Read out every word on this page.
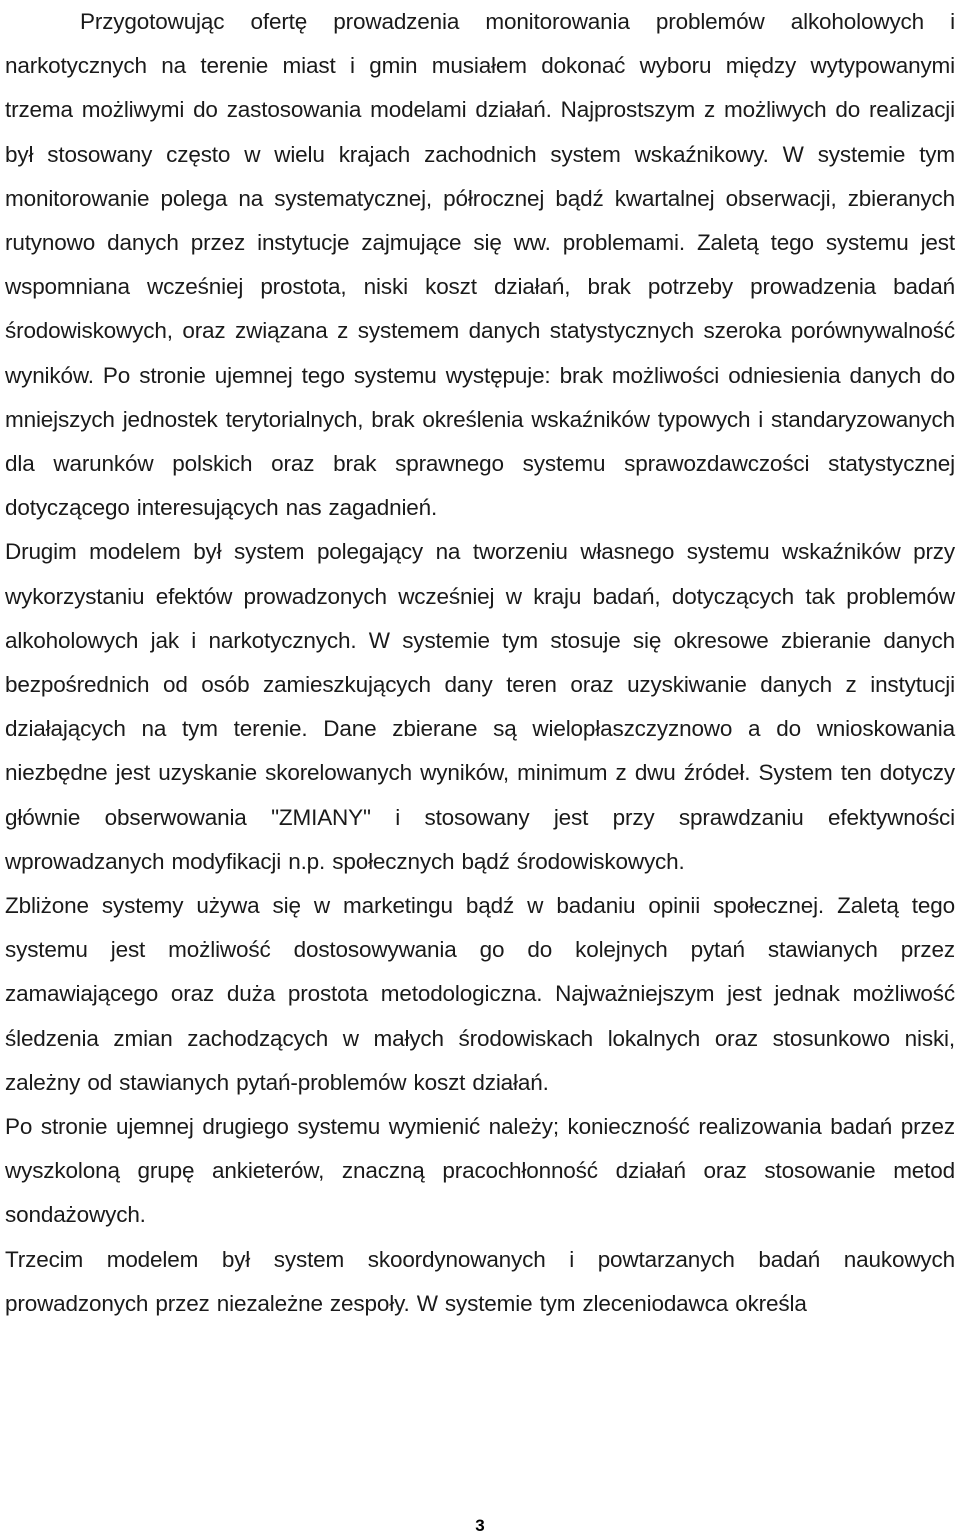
Przygotowując ofertę prowadzenia monitorowania problemów alkoholowych i narkotycznych na terenie miast i gmin musiałem dokonać wyboru między wytypowanymi trzema możliwymi do zastosowania modelami działań. Najprostszym z możliwych do realizacji był stosowany często w wielu krajach zachodnich system wskaźnikowy. W systemie tym monitorowanie polega na systematycznej, półrocznej bądź kwartalnej obserwacji, zbieranych rutynowo danych przez instytucje zajmujące się ww. problemami. Zaletą tego systemu jest wspomniana wcześniej prostota, niski koszt działań, brak potrzeby prowadzenia badań środowiskowych, oraz związana z systemem danych statystycznych szeroka porównywalność wyników. Po stronie ujemnej tego systemu występuje: brak możliwości odniesienia danych do mniejszych jednostek terytorialnych, brak określenia wskaźników typowych i standaryzowanych dla warunków polskich oraz brak sprawnego systemu sprawozdawczości statystycznej dotyczącego interesujących nas zagadnień.

Drugim modelem był system polegający na tworzeniu własnego systemu wskaźników przy wykorzystaniu efektów prowadzonych wcześniej w kraju badań, dotyczących tak problemów alkoholowych jak i narkotycznych. W systemie tym stosuje się okresowe zbieranie danych bezpośrednich od osób zamieszkujących dany teren oraz uzyskiwanie danych z instytucji działających na tym terenie. Dane zbierane są wielopłaszczyznowo a do wnioskowania niezbędne jest uzyskanie skorelowanych wyników, minimum z dwu źródeł. System ten dotyczy głównie obserwowania "ZMIANY" i stosowany jest przy sprawdzaniu efektywności wprowadzanych modyfikacji n.p. społecznych bądź środowiskowych.

Zbliżone systemy używa się w marketingu bądź w badaniu opinii społecznej. Zaletą tego systemu jest możliwość dostosowywania go do kolejnych pytań stawianych przez zamawiającego oraz duża prostota metodologiczna. Najważniejszym jest jednak możliwość śledzenia zmian zachodzących w małych środowiskach lokalnych oraz stosunkowo niski, zależny od stawianych pytań-problemów koszt działań.

Po stronie ujemnej drugiego systemu wymienić należy; konieczność realizowania badań przez wyszkoloną grupę ankieterów, znaczną pracochłonność działań oraz stosowanie metod sondażowych.

Trzecim modelem był system skoordynowanych i powtarzanych badań naukowych prowadzonych przez niezależne zespoły. W systemie tym zleceniodawca określa

3
